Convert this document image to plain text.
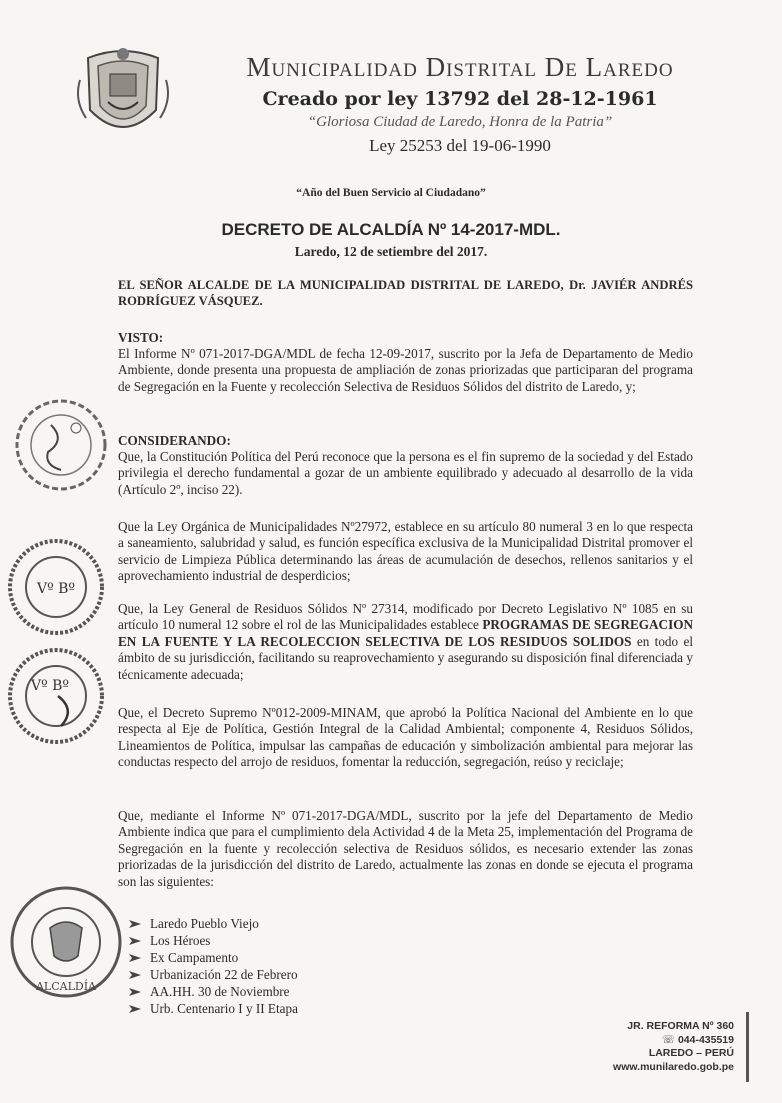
Municipalidad Distrital De Laredo
Creado por ley 13792 del 28-12-1961
“Gloriosa Ciudad de Laredo, Honra de la Patria”
Ley 25253 del 19-06-1990
“Año del Buen Servicio al Ciudadano”
DECRETO DE ALCALDÍA Nº 14-2017-MDL.
Laredo, 12 de setiembre del 2017.
EL SEÑOR ALCALDE DE LA MUNICIPALIDAD DISTRITAL DE LAREDO, Dr. JAVIÉR ANDRÉS RODRÍGUEZ VÁSQUEZ.
VISTO:
El Informe Nº 071-2017-DGA/MDL de fecha 12-09-2017, suscrito por la Jefa de Departamento de Medio Ambiente, donde presenta una propuesta de ampliación de zonas priorizadas que participaran del programa de Segregación en la Fuente y recolección Selectiva de Residuos Sólidos del distrito de Laredo, y;
CONSIDERANDO:
Que, la Constitución Política del Perú reconoce que la persona es el fin supremo de la sociedad y del Estado privilegia el derecho fundamental a gozar de un ambiente equilibrado y adecuado al desarrollo de la vida (Artículo 2º, inciso 22).
Que la Ley Orgánica de Municipalidades Nº27972, establece en su artículo 80 numeral 3 en lo que respecta a saneamiento, salubridad y salud, es función específica exclusiva de la Municipalidad Distrital promover el servicio de Limpieza Pública determinando las áreas de acumulación de desechos, rellenos sanitarios y el aprovechamiento industrial de desperdicios;
Que, la Ley General de Residuos Sólidos Nº 27314, modificado por Decreto Legislativo Nº 1085 en su artículo 10 numeral 12 sobre el rol de las Municipalidades establece PROGRAMAS DE SEGREGACION EN LA FUENTE Y LA RECOLECCION SELECTIVA DE LOS RESIDUOS SOLIDOS en todo el ámbito de su jurisdicción, facilitando su reaprovechamiento y asegurando su disposición final diferenciada y técnicamente adecuada;
Que, el Decreto Supremo Nº012-2009-MINAM, que aprobó la Política Nacional del Ambiente en lo que respecta al Eje de Política, Gestión Integral de la Calidad Ambiental; componente 4, Residuos Sólidos, Lineamientos de Política, impulsar las campañas de educación y simbolización ambiental para mejorar las conductas respecto del arrojo de residuos, fomentar la reducción, segregación, reúso y reciclaje;
Que, mediante el Informe Nº 071-2017-DGA/MDL, suscrito por la jefe del Departamento de Medio Ambiente indica que para el cumplimiento dela Actividad 4 de la Meta 25, implementación del Programa de Segregación en la fuente y recolección selectiva de Residuos sólidos, es necesario extender las zonas priorizadas de la jurisdicción del distrito de Laredo, actualmente las zonas en donde se ejecuta el programa son las siguientes:
Laredo Pueblo Viejo
Los Héroes
Ex Campamento
Urbanización 22 de Febrero
AA.HH. 30 de Noviembre
Urb. Centenario I y II Etapa
Vº Bº
Vº Bº
ALCALDÍA
JR. REFORMA Nº 360
☏ 044-435519
LAREDO – PERÚ
www.munilaredo.gob.pe
